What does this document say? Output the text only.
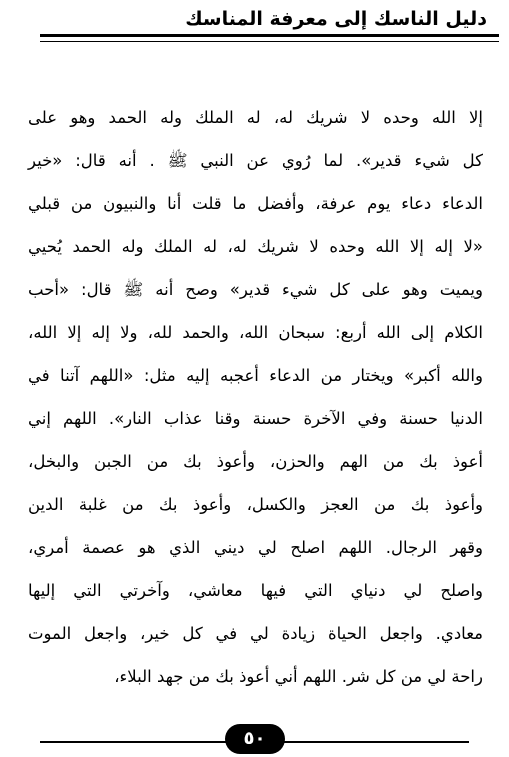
دليل الناسك إلى معرفة المناسك
إلا الله وحده لا شريك له، له الملك وله الحمد وهو على
كل شيء قدير». لما رُوي عن النبي ﷺ . أنه قال: «خير
الدعاء دعاء يوم عرفة، وأفضل ما قلت أنا والنبيون من قبلي
«لا إله إلا الله وحده لا شريك له، له الملك وله الحمد يُحيي
ويميت وهو على كل شيء قدير» وصح أنه ﷺ قال: «أحب
الكلام إلى الله أربع: سبحان الله، والحمد لله، ولا إله إلا الله،
والله أكبر» ويختار من الدعاء أعجبه إليه مثل: «اللهم آتنا في
الدنيا حسنة وفي الآخرة حسنة وقنا عذاب النار». اللهم إني
أعوذ بك من الهم والحزن، وأعوذ بك من الجبن والبخل،
وأعوذ بك من العجز والكسل، وأعوذ بك من غلبة الدين
وقهر الرجال. اللهم اصلح لي ديني الذي هو عصمة أمري،
واصلح لي دنياي التي فيها معاشي، وآخرتي التي إليها
معادي. واجعل الحياة زيادة لي في كل خير، واجعل الموت
راحة لي من كل شر. اللهم أني أعوذ بك من جهد البلاء،
٥٠
